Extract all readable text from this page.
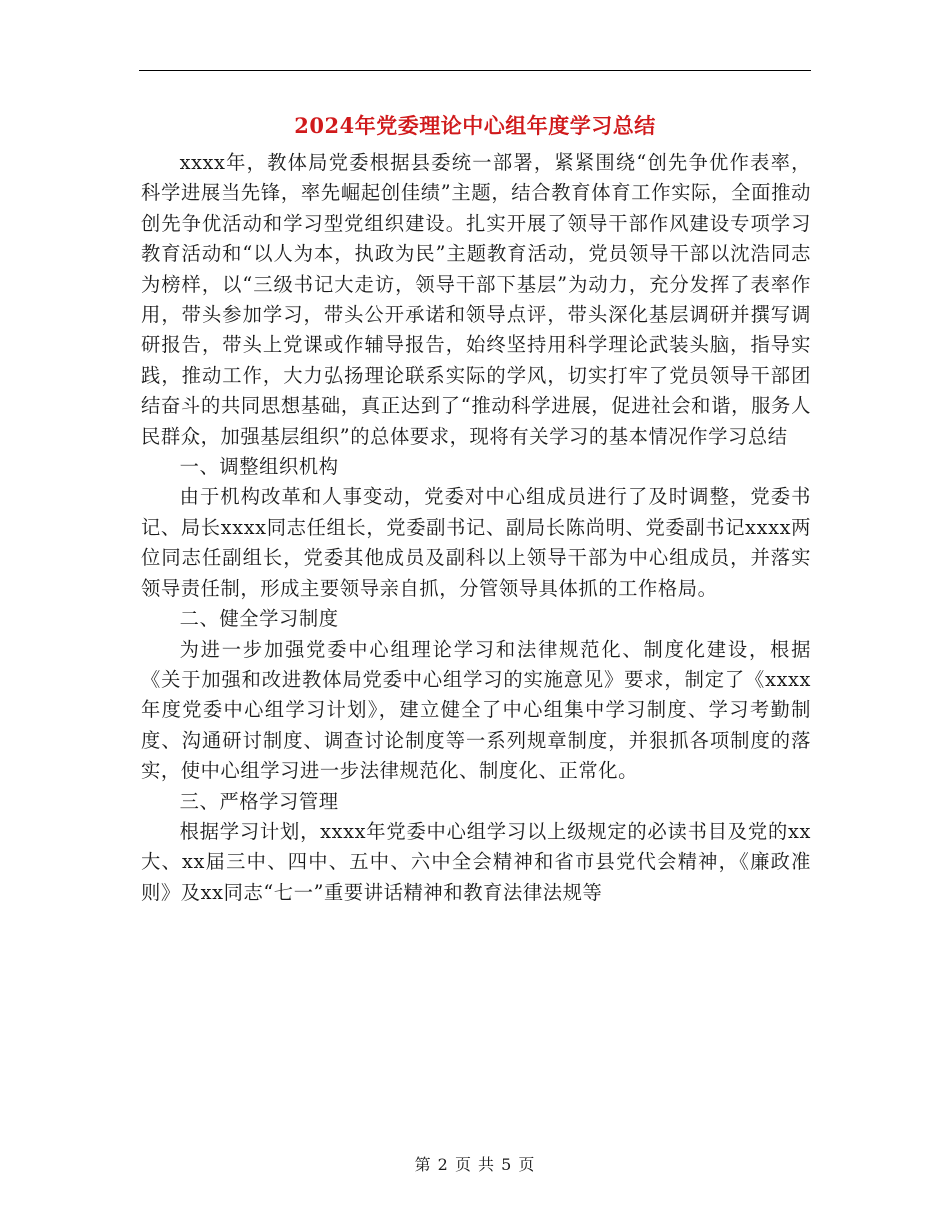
2024年党委理论中心组年度学习总结

xxxx年，教体局党委根据县委统一部署，紧紧围绕“创先争优作表率，科学进展当先锋，率先崛起创佳绩”主题，结合教育体育工作实际，全面推动创先争优活动和学习型党组织建设。扎实开展了领导干部作风建设专项学习教育活动和“以人为本，执政为民”主题教育活动，党员领导干部以沈浩同志为榜样，以“三级书记大走访，领导干部下基层”为动力，充分发挥了表率作用，带头参加学习，带头公开承诺和领导点评，带头深化基层调研并撰写调研报告，带头上党课或作辅导报告，始终坚持用科学理论武装头脑，指导实践，推动工作，大力弘扬理论联系实际的学风，切实打牢了党员领导干部团结奋斗的共同思想基础，真正达到了“推动科学进展，促进社会和谐，服务人民群众，加强基层组织”的总体要求，现将有关学习的基本情况作学习总结

一、调整组织机构

由于机构改革和人事变动，党委对中心组成员进行了及时调整，党委书记、局长xxxx同志任组长，党委副书记、副局长陈尚明、党委副书记xxxx两位同志任副组长，党委其他成员及副科以上领导干部为中心组成员，并落实领导责任制，形成主要领导亲自抓，分管领导具体抓的工作格局。

二、健全学习制度

为进一步加强党委中心组理论学习和法律规范化、制度化建设，根据《关于加强和改进教体局党委中心组学习的实施意见》要求，制定了《xxxx年度党委中心组学习计划》，建立健全了中心组集中学习制度、学习考勤制度、沟通研讨制度、调查讨论制度等一系列规章制度，并狠抓各项制度的落实，使中心组学习进一步法律规范化、制度化、正常化。

三、严格学习管理

根据学习计划，xxxx年党委中心组学习以上级规定的必读书目及党的xx大、xx届三中、四中、五中、六中全会精神和省市县党代会精神，《廉政准则》及xx同志“七一”重要讲话精神和教育法律法规等

第 2 页 共 5 页
